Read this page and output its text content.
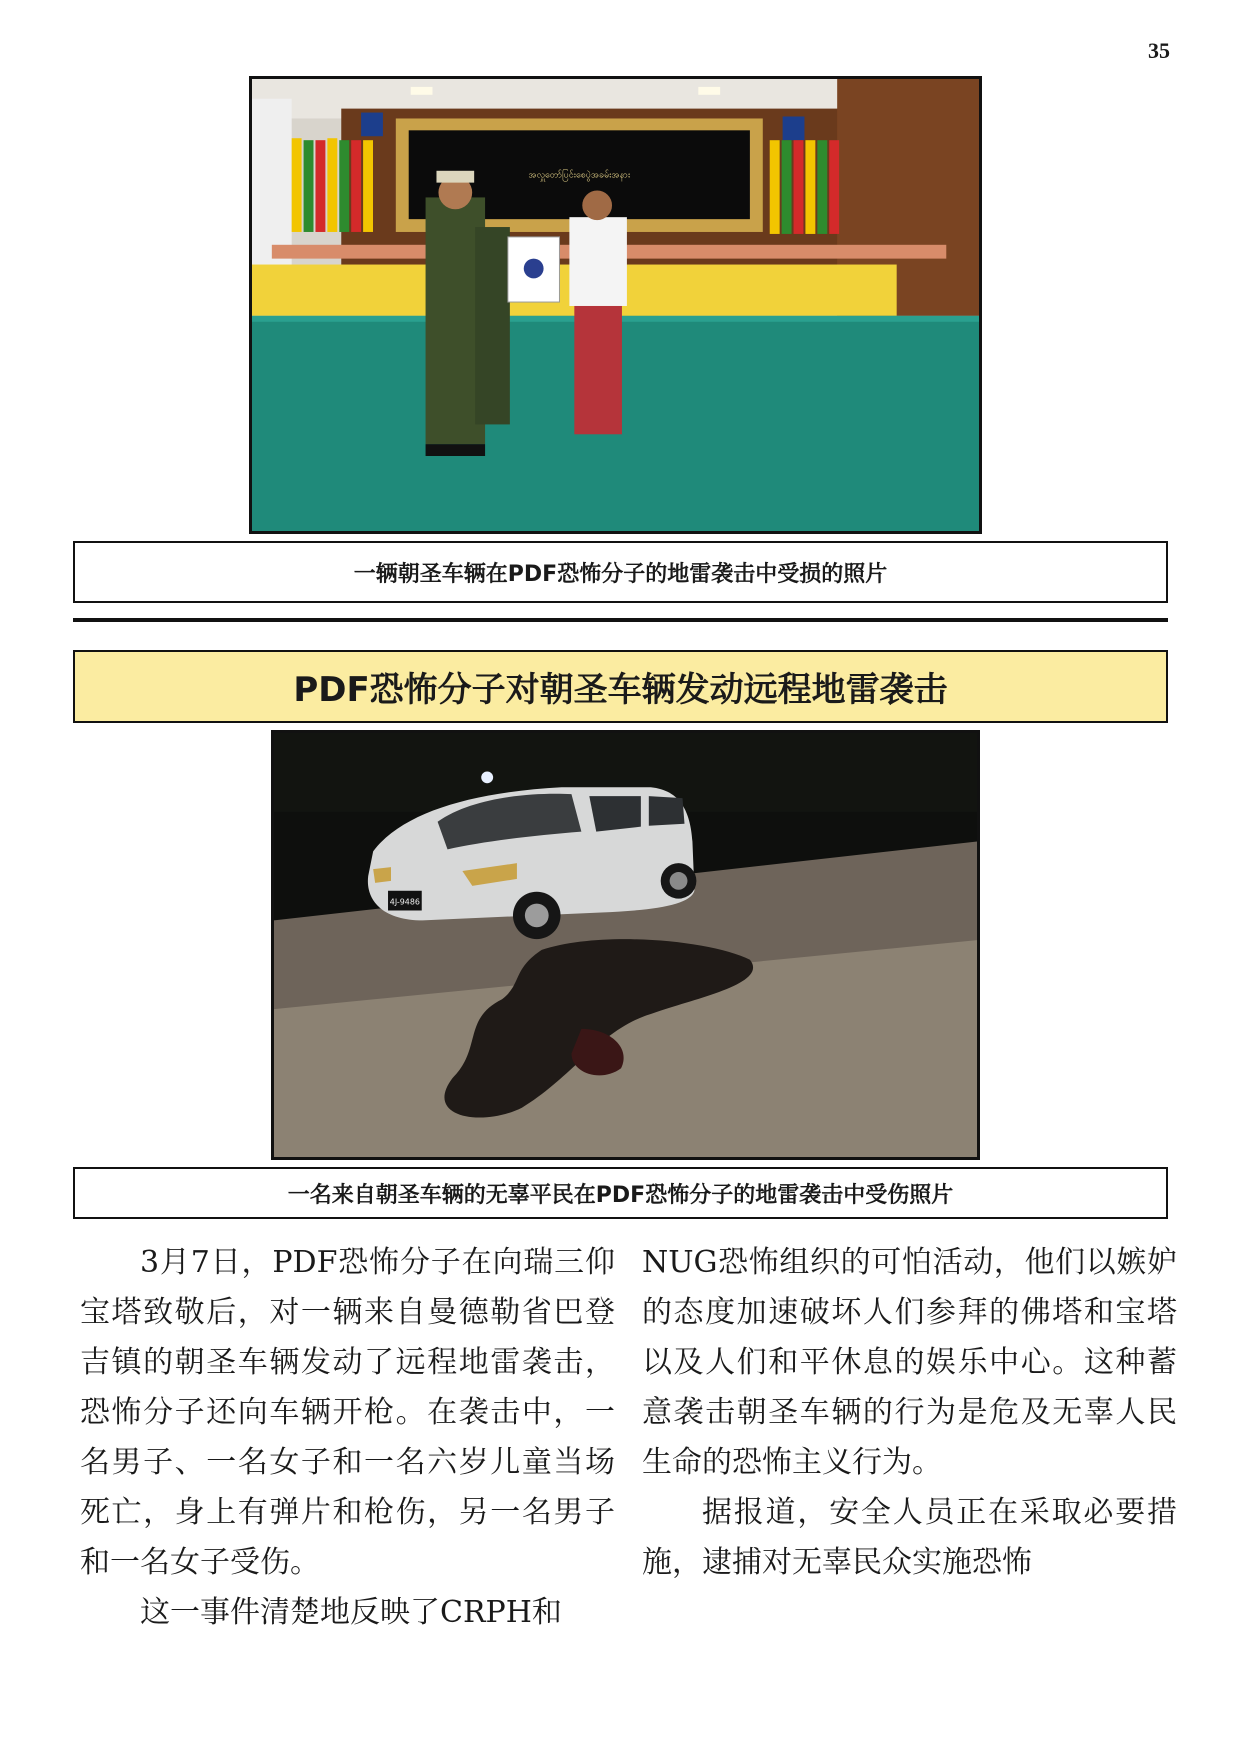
35
အလှူတော်ပြင်းစေပွဲအခမ်းအနား
一辆朝圣车辆在PDF恐怖分子的地雷袭击中受损的照片
PDF恐怖分子对朝圣车辆发动远程地雷袭击
4J-9486
一名来自朝圣车辆的无辜平民在PDF恐怖分子的地雷袭击中受伤照片

3月7日，PDF恐怖分子在向瑞三仰宝塔致敬后，对一辆来自曼德勒省巴登吉镇的朝圣车辆发动了远程地雷袭击，恐怖分子还向车辆开枪。在袭击中，一名男子、一名女子和一名六岁儿童当场死亡，身上有弹片和枪伤，另一名男子和一名女子受伤。

这一事件清楚地反映了CRPH和

NUG恐怖组织的可怕活动，他们以嫉妒的态度加速破坏人们参拜的佛塔和宝塔以及人们和平休息的娱乐中心。这种蓄意袭击朝圣车辆的行为是危及无辜人民生命的恐怖主义行为。

据报道，安全人员正在采取必要措施，逮捕对无辜民众实施恐怖
